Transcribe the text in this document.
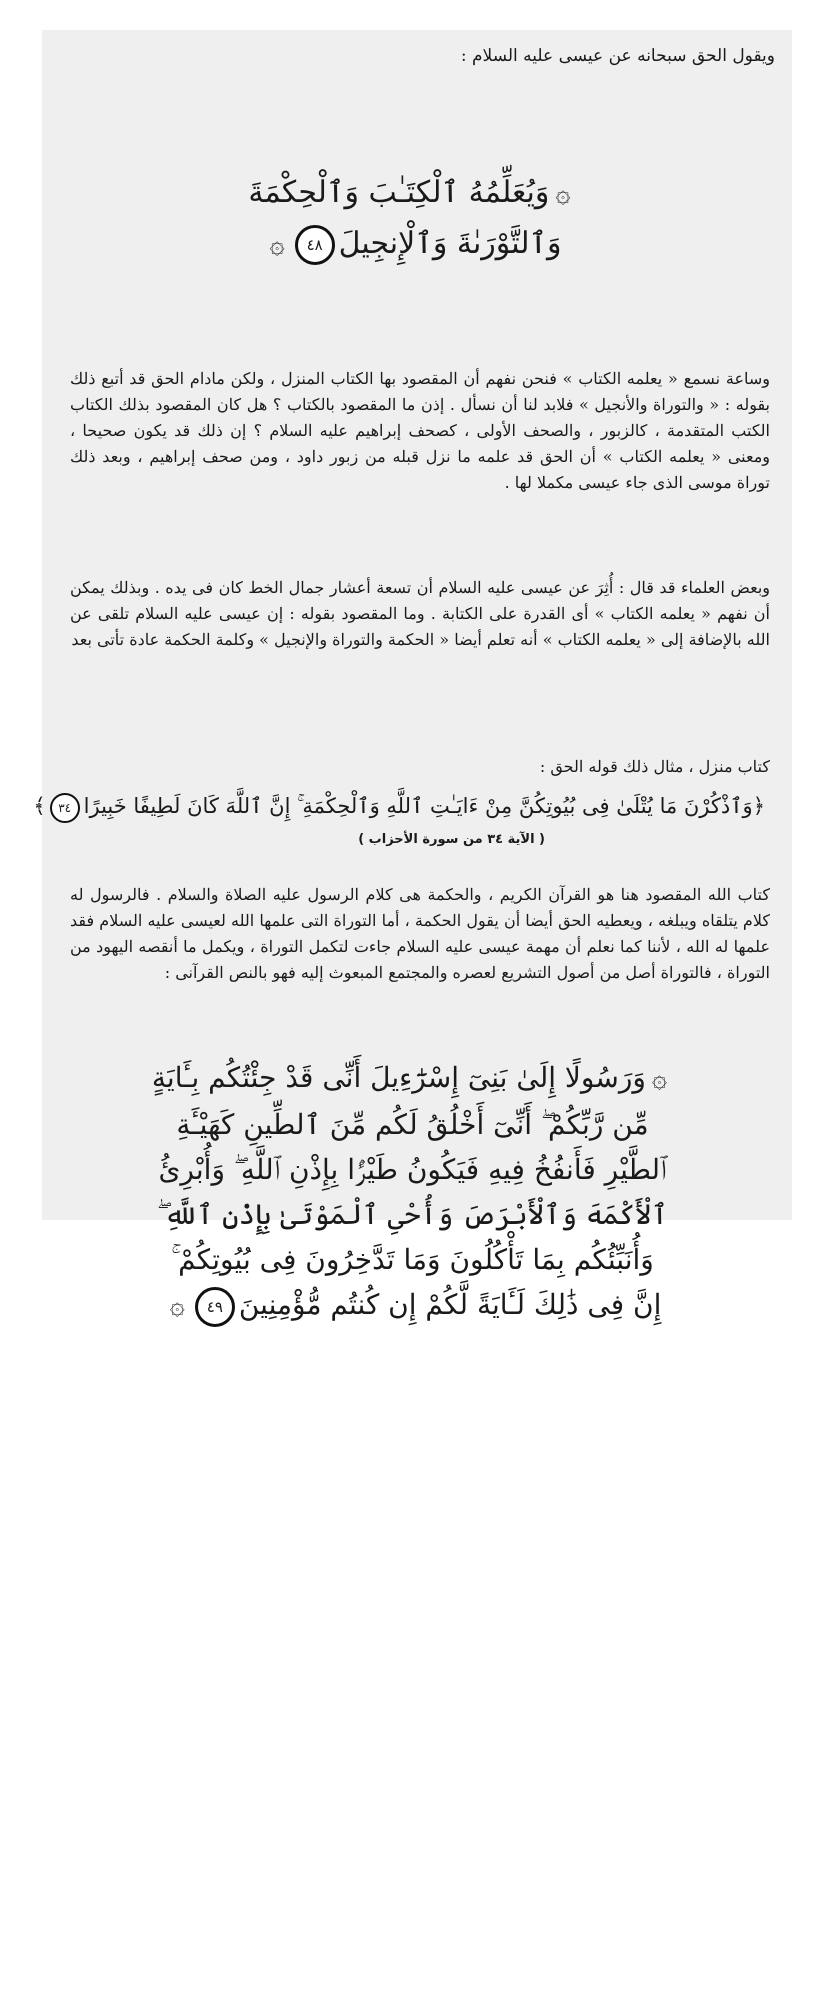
ويقول الحق سبحانه عن عيسى عليه السلام :
۞وَيُعَلِّمُهُ ٱلْكِتَـٰبَ وَٱلْحِكْمَةَ
وَٱلتَّوْرَىٰةَ وَٱلْإِنجِيلَ٤٨۞
وساعة نسمع « يعلمه الكتاب » فنحن نفهم أن المقصود بها الكتاب المنزل ، ولكن مادام الحق قد أتبع ذلك بقوله : « والتوراة والأنجيل » فلابد لنا أن نسأل . إذن ما المقصود بالكتاب ؟ هل كان المقصود بذلك الكتاب الكتب المتقدمة ، كالزبور ، والصحف الأولى ، كصحف إبراهيم عليه السلام ؟ إن ذلك قد يكون صحيحا ، ومعنى « يعلمه الكتاب » أن الحق قد علمه ما نزل قبله من زبور داود ، ومن صحف إبراهيم ، وبعد ذلك توراة موسى الذى جاء عيسى مكملا لها .
وبعض العلماء قد قال : أُثِرَ عن عيسى عليه السلام أن تسعة أعشار جمال الخط كان فى يده . وبذلك يمكن أن نفهم « يعلمه الكتاب » أى القدرة على الكتابة . وما المقصود بقوله : إن عيسى عليه السلام تلقى عن الله بالإضافة إلى « يعلمه الكتاب » أنه تعلم أيضا « الحكمة والتوراة والإنجيل » وكلمة الحكمة عادة تأتى بعد
كتاب منزل ، مثال ذلك قوله الحق :
﴿وَٱذْكُرْنَ مَا يُتْلَىٰ فِى بُيُوتِكُنَّ مِنْ ءَايَـٰتِ ٱللَّهِ وَٱلْحِكْمَةِ ۚ إِنَّ ٱللَّهَ كَانَ لَطِيفًا خَبِيرًا٣٤﴾
( الآية ٣٤ من سورة الأحزاب )
كتاب الله المقصود هنا هو القرآن الكريم ، والحكمة هى كلام الرسول عليه الصلاة والسلام . فالرسول له كلام يتلقاه ويبلغه ، ويعطيه الحق أيضا أن يقول الحكمة ، أما التوراة التى علمها الله لعيسى عليه السلام فقد علمها له الله ، لأننا كما نعلم أن مهمة عيسى عليه السلام جاءت لتكمل التوراة ، ويكمل ما أنقصه اليهود من التوراة ، فالتوراة أصل من أصول التشريع لعصره والمجتمع المبعوث إليه فهو بالنص القرآنى :
۞وَرَسُولًا إِلَىٰ بَنِىٓ إِسْرَٰٓءِيلَ أَنِّى قَدْ جِئْتُكُم بِـَٔايَةٍ
مِّن رَّبِّكُمْ ۖ أَنِّىٓ أَخْلُقُ لَكُم مِّنَ ٱلطِّينِ كَهَيْـَٔةِ
ٱلطَّيْرِ فَأَنفُخُ فِيهِ فَيَكُونُ طَيْرًۢا بِإِذْنِ ٱللَّهِ ۖ وَأُبْرِئُ
ٱلْأَكْمَهَ وَٱلْأَبْرَصَ وَأُحْىِ ٱلْمَوْتَىٰ بِإِذْنِ ٱللَّهِ ۖ
وَأُنَبِّئُكُم بِمَا تَأْكُلُونَ وَمَا تَدَّخِرُونَ فِى بُيُوتِكُمْ ۚ
إِنَّ فِى ذَٰلِكَ لَـَٔايَةً لَّكُمْ إِن كُنتُم مُّؤْمِنِينَ٤٩۞
